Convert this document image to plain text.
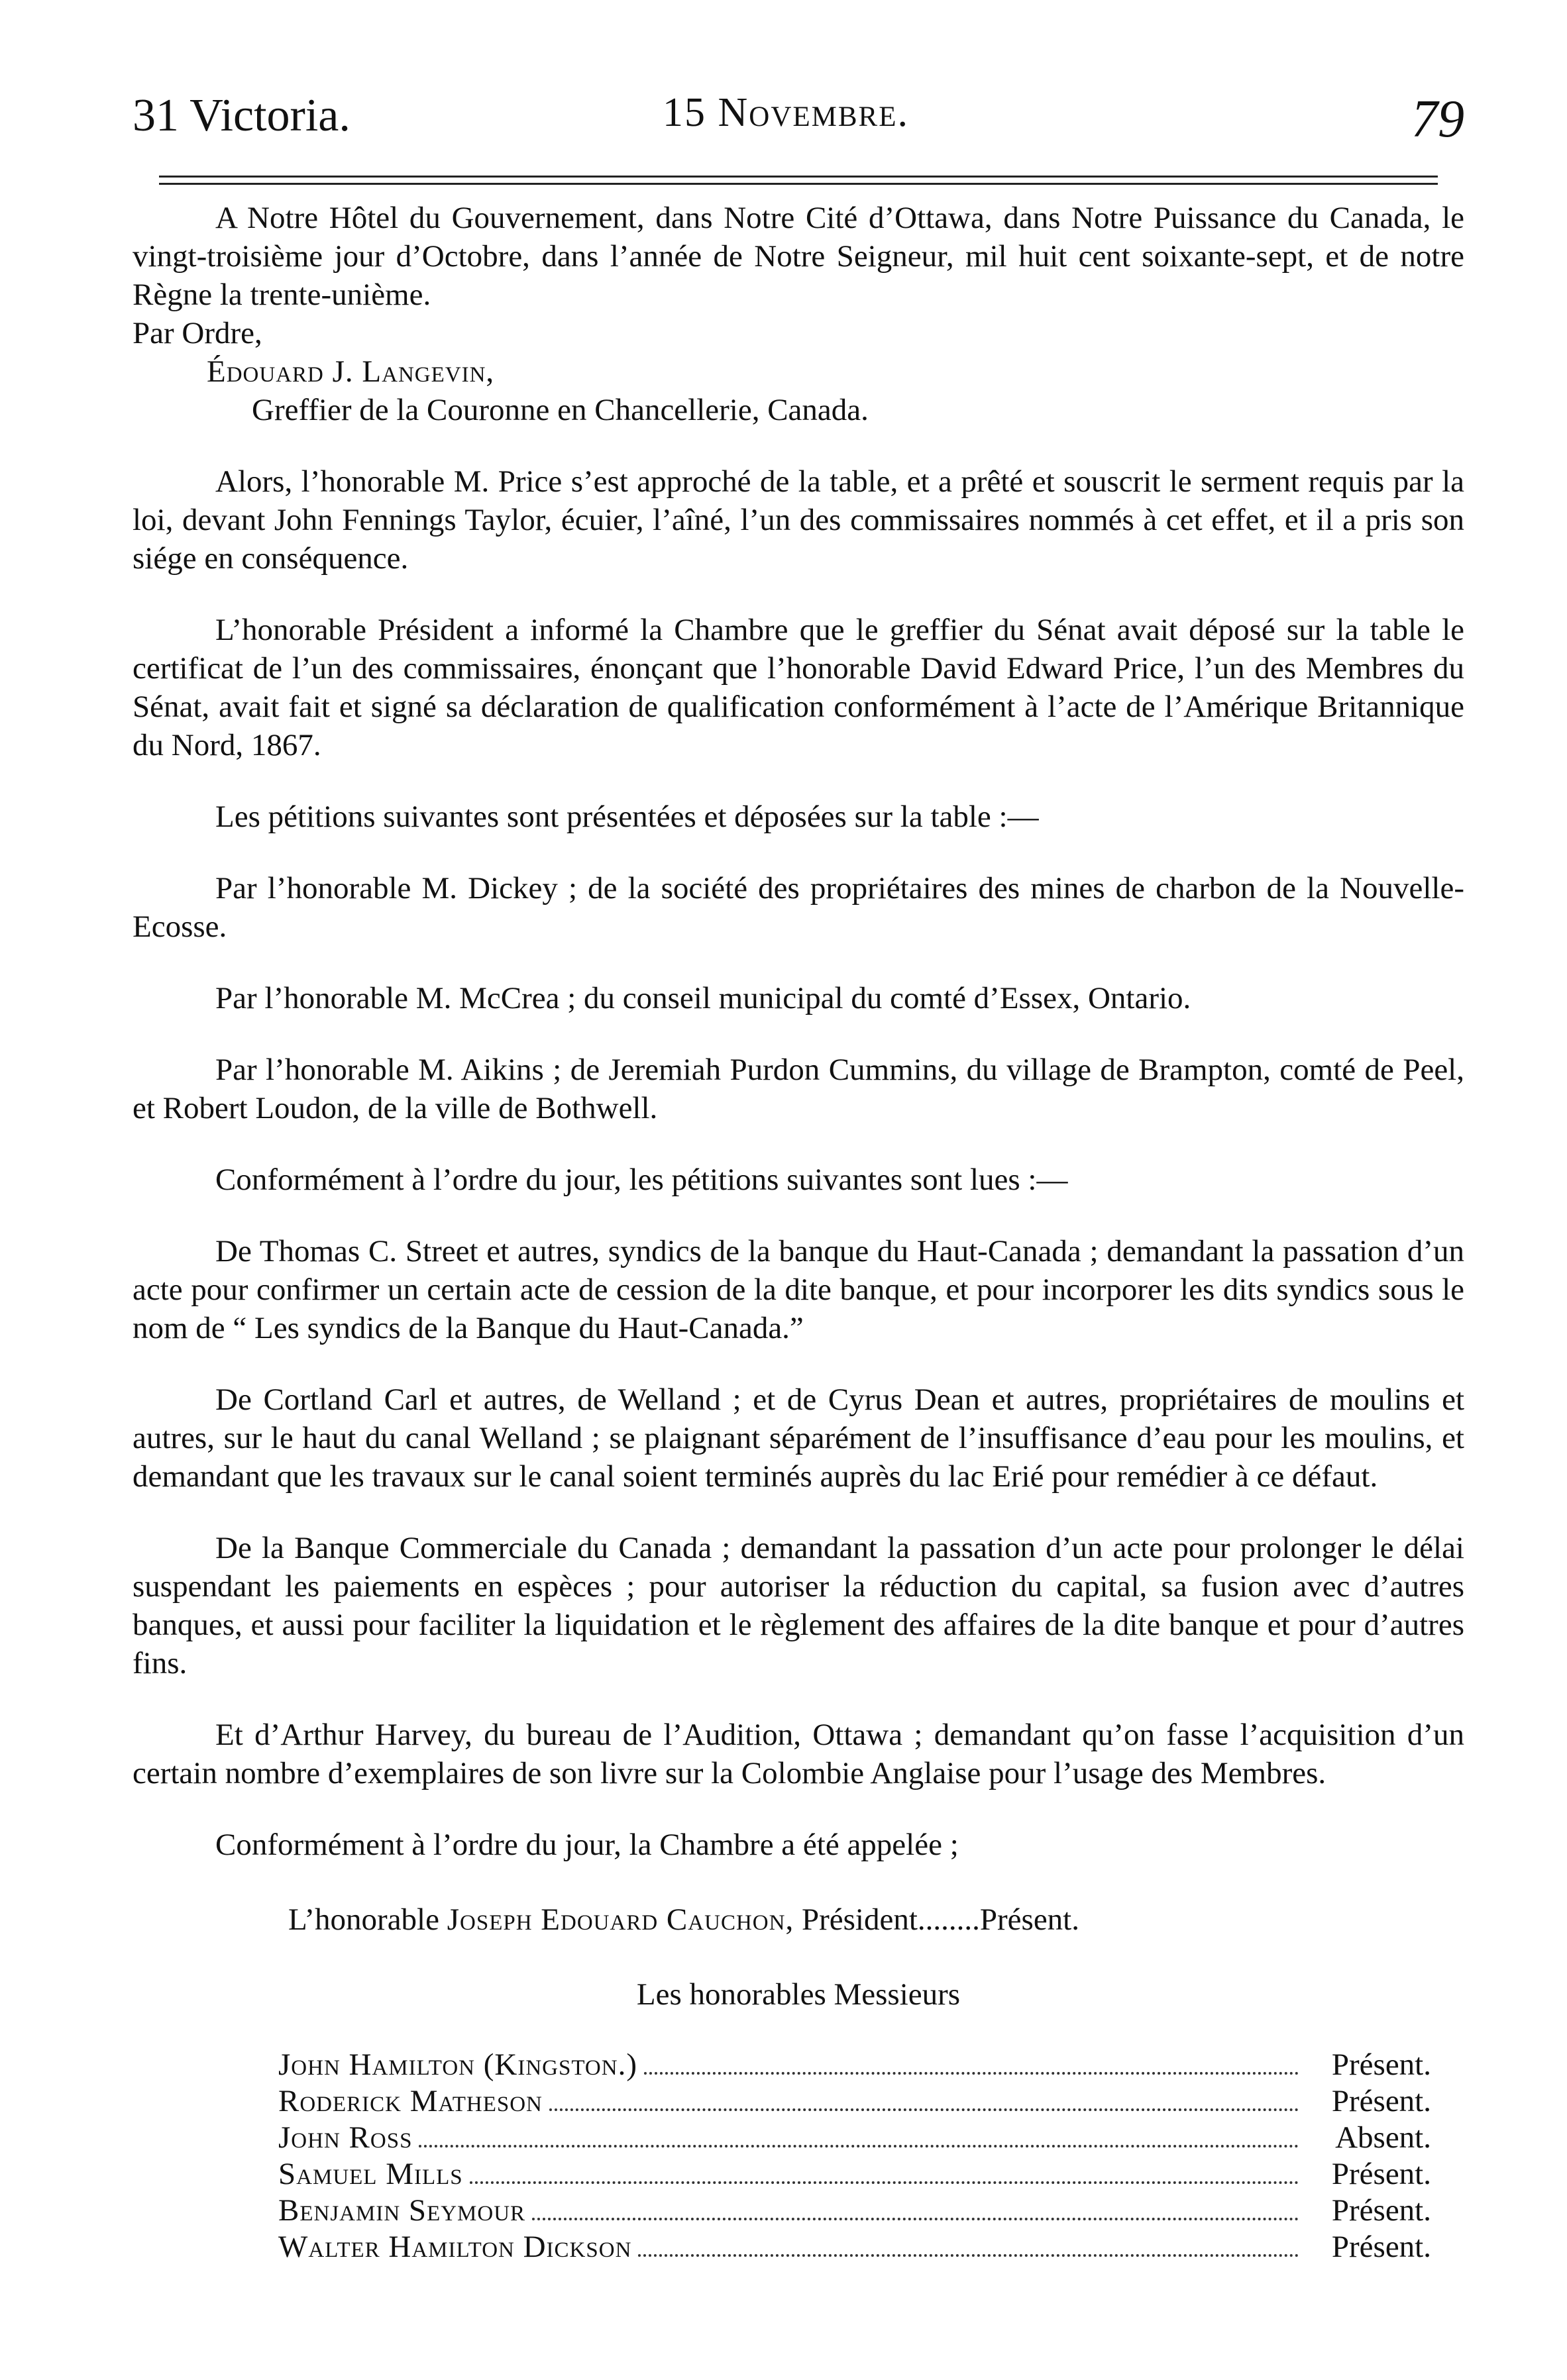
31 Victoria.	15 Novembre.	79

A Notre Hôtel du Gouvernement, dans Notre Cité d’Ottawa, dans Notre Puissance du Canada, le vingt-troisième jour d’Octobre, dans l’année de Notre Seigneur, mil huit cent soixante-sept, et de notre Règne la trente-unième.

Par Ordre,

Édouard J. Langevin,

Greffier de la Couronne en Chancellerie, Canada.

Alors, l’honorable M. Price s’est approché de la table, et a prêté et souscrit le serment requis par la loi, devant John Fennings Taylor, écuier, l’aîné, l’un des commissaires nommés à cet effet, et il a pris son siége en conséquence.

L’honorable Président a informé la Chambre que le greffier du Sénat avait déposé sur la table le certificat de l’un des commissaires, énonçant que l’honorable David Edward Price, l’un des Membres du Sénat, avait fait et signé sa déclaration de qualification conformément à l’acte de l’Amérique Britannique du Nord, 1867.

Les pétitions suivantes sont présentées et déposées sur la table :—

Par l’honorable M. Dickey ; de la société des propriétaires des mines de charbon de la Nouvelle-Ecosse.

Par l’honorable M. McCrea ; du conseil municipal du comté d’Essex, Ontario.

Par l’honorable M. Aikins ; de Jeremiah Purdon Cummins, du village de Brampton, comté de Peel, et Robert Loudon, de la ville de Bothwell.

Conformément à l’ordre du jour, les pétitions suivantes sont lues :—

De Thomas C. Street et autres, syndics de la banque du Haut-Canada ; demandant la passation d’un acte pour confirmer un certain acte de cession de la dite banque, et pour incorporer les dits syndics sous le nom de “ Les syndics de la Banque du Haut-Canada.”

De Cortland Carl et autres, de Welland ; et de Cyrus Dean et autres, propriétaires de moulins et autres, sur le haut du canal Welland ; se plaignant séparément de l’insuffisance d’eau pour les moulins, et demandant que les travaux sur le canal soient terminés auprès du lac Erié pour remédier à ce défaut.

De la Banque Commerciale du Canada ; demandant la passation d’un acte pour prolonger le délai suspendant les paiements en espèces ; pour autoriser la réduction du capital, sa fusion avec d’autres banques, et aussi pour faciliter la liquidation et le règlement des affaires de la dite banque et pour d’autres fins.

Et d’Arthur Harvey, du bureau de l’Audition, Ottawa ; demandant qu’on fasse l’acquisition d’un certain nombre d’exemplaires de son livre sur la Colombie Anglaise pour l’usage des Membres.

Conformément à l’ordre du jour, la Chambre a été appelée ;

L’honorable Joseph Edouard Cauchon, Président........Présent.

Les honorables Messieurs

John Hamilton (Kingston.)	Présent.
Roderick Matheson	Présent.
John Ross	Absent.
Samuel Mills	Présent.
Benjamin Seymour	Présent.
Walter Hamilton Dickson	Présent.
